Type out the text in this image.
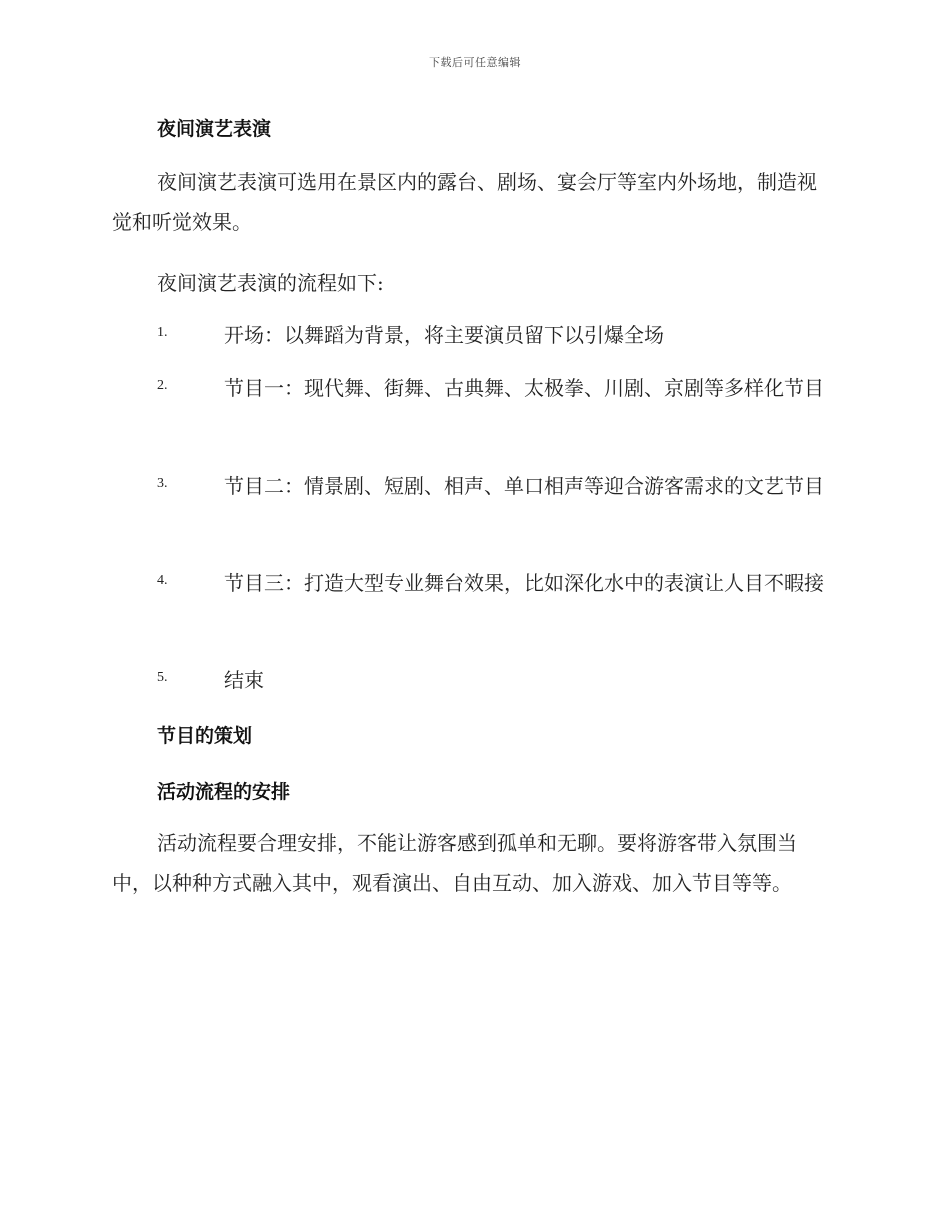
下载后可任意编辑
夜间演艺表演

夜间演艺表演可选用在景区内的露台、剧场、宴会厅等室内外场地，制造视觉和听觉效果。

夜间演艺表演的流程如下:
1.	开场：以舞蹈为背景，将主要演员留下以引爆全场

2.	节目一：现代舞、街舞、古典舞、太极拳、川剧、京剧等多样化节目

3.	节目二：情景剧、短剧、相声、单口相声等迎合游客需求的文艺节目

4.	节目三：打造大型专业舞台效果，比如深化水中的表演让人目不暇接

5.	结束

节目的策划
活动流程的安排

活动流程要合理安排，不能让游客感到孤单和无聊。要将游客带入氛围当中，以种种方式融入其中，观看演出、自由互动、加入游戏、加入节目等等。
